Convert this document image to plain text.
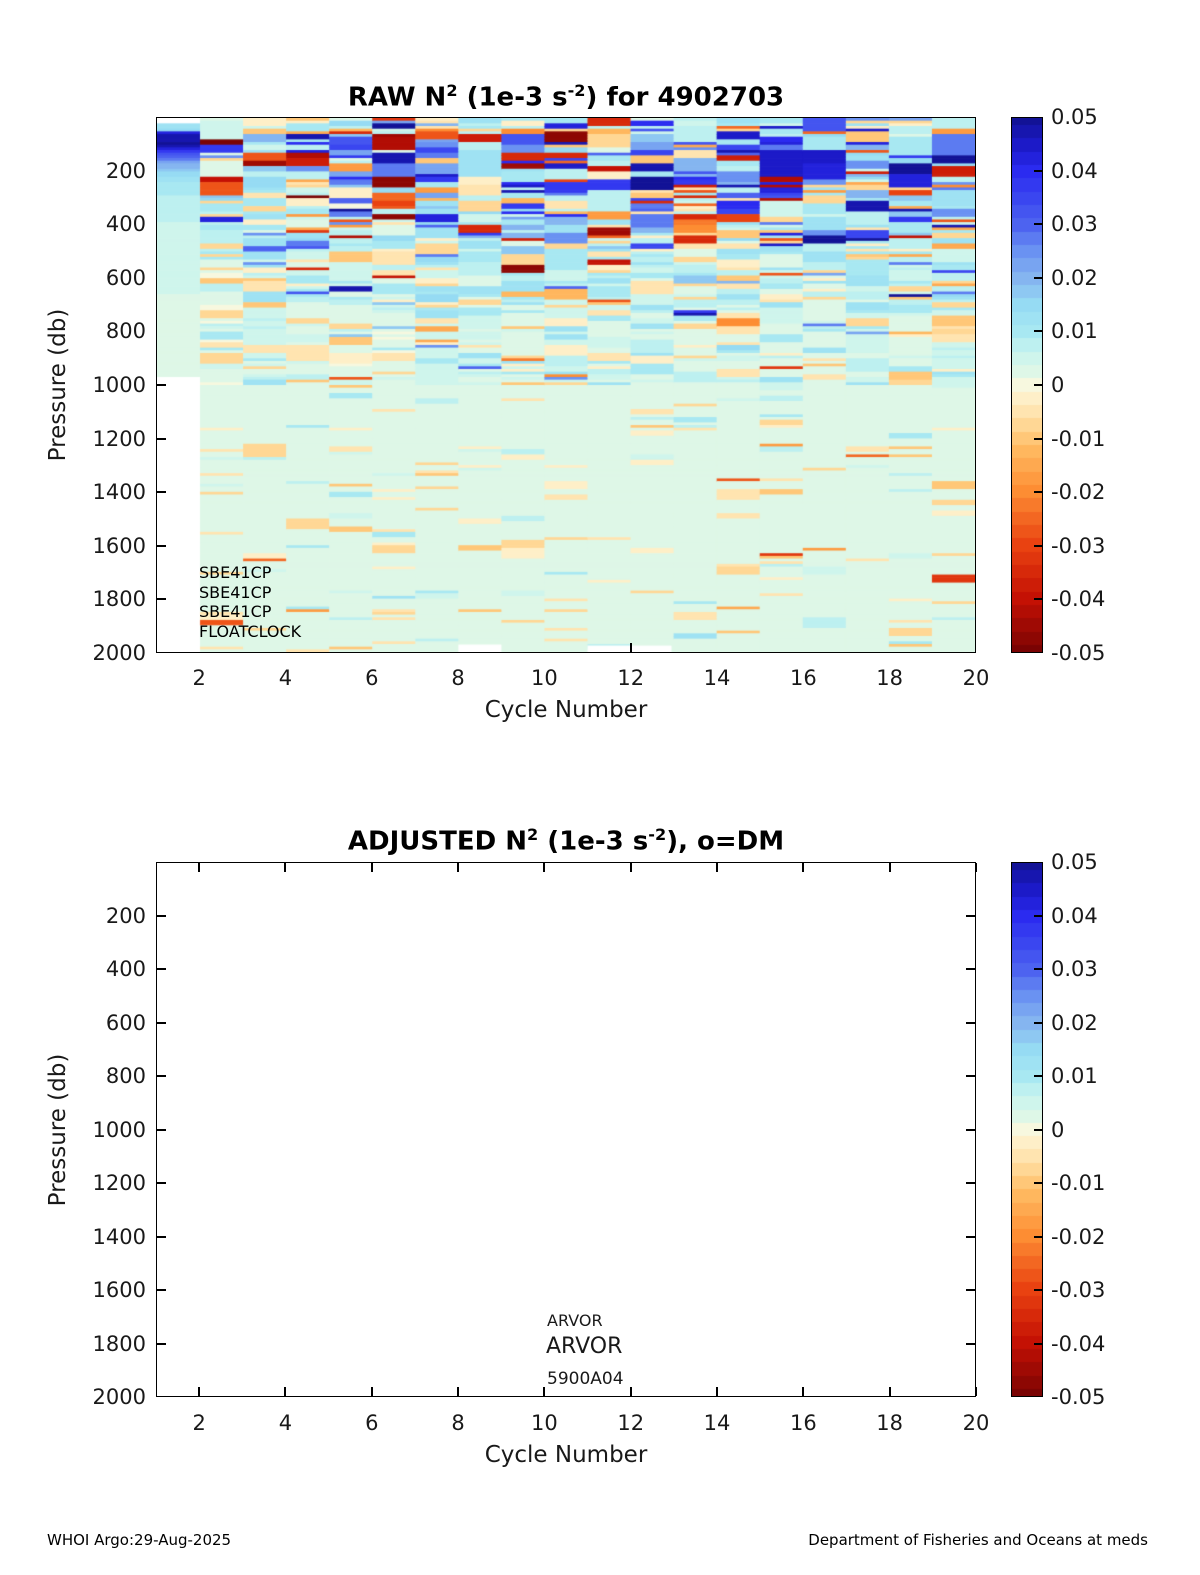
RAW $N^2$ (1e-3 $s^{-2}$) for 4902703
Pressure (db)
Cycle Number
SBE41CP
SBE41CP
SBE41CP
FLOATCLOCK
ADJUSTED $N^2$ (1e-3 $s^{-2}$), o=DM
Pressure (db)
Cycle Number
ARVOR
ARVOR
5900A04
WHOI Argo:29-Aug-2025	Department of Fisheries and Oceans at meds
200
400
600
800
1000
1200
1400
1600
1800
2000
2	4	6	8	10	12	14	16	18	20
0.05
0.04
0.03
0.02
0.01
0
-0.01
-0.02
-0.03
-0.04
-0.05
200
400
600
800
1000
1200
1400
1600
1800
2000
2	4	6	8	10	12	14	16	18	20
0.05
0.04
0.03
0.02
0.01
0
-0.01
-0.02
-0.03
-0.04
-0.05
